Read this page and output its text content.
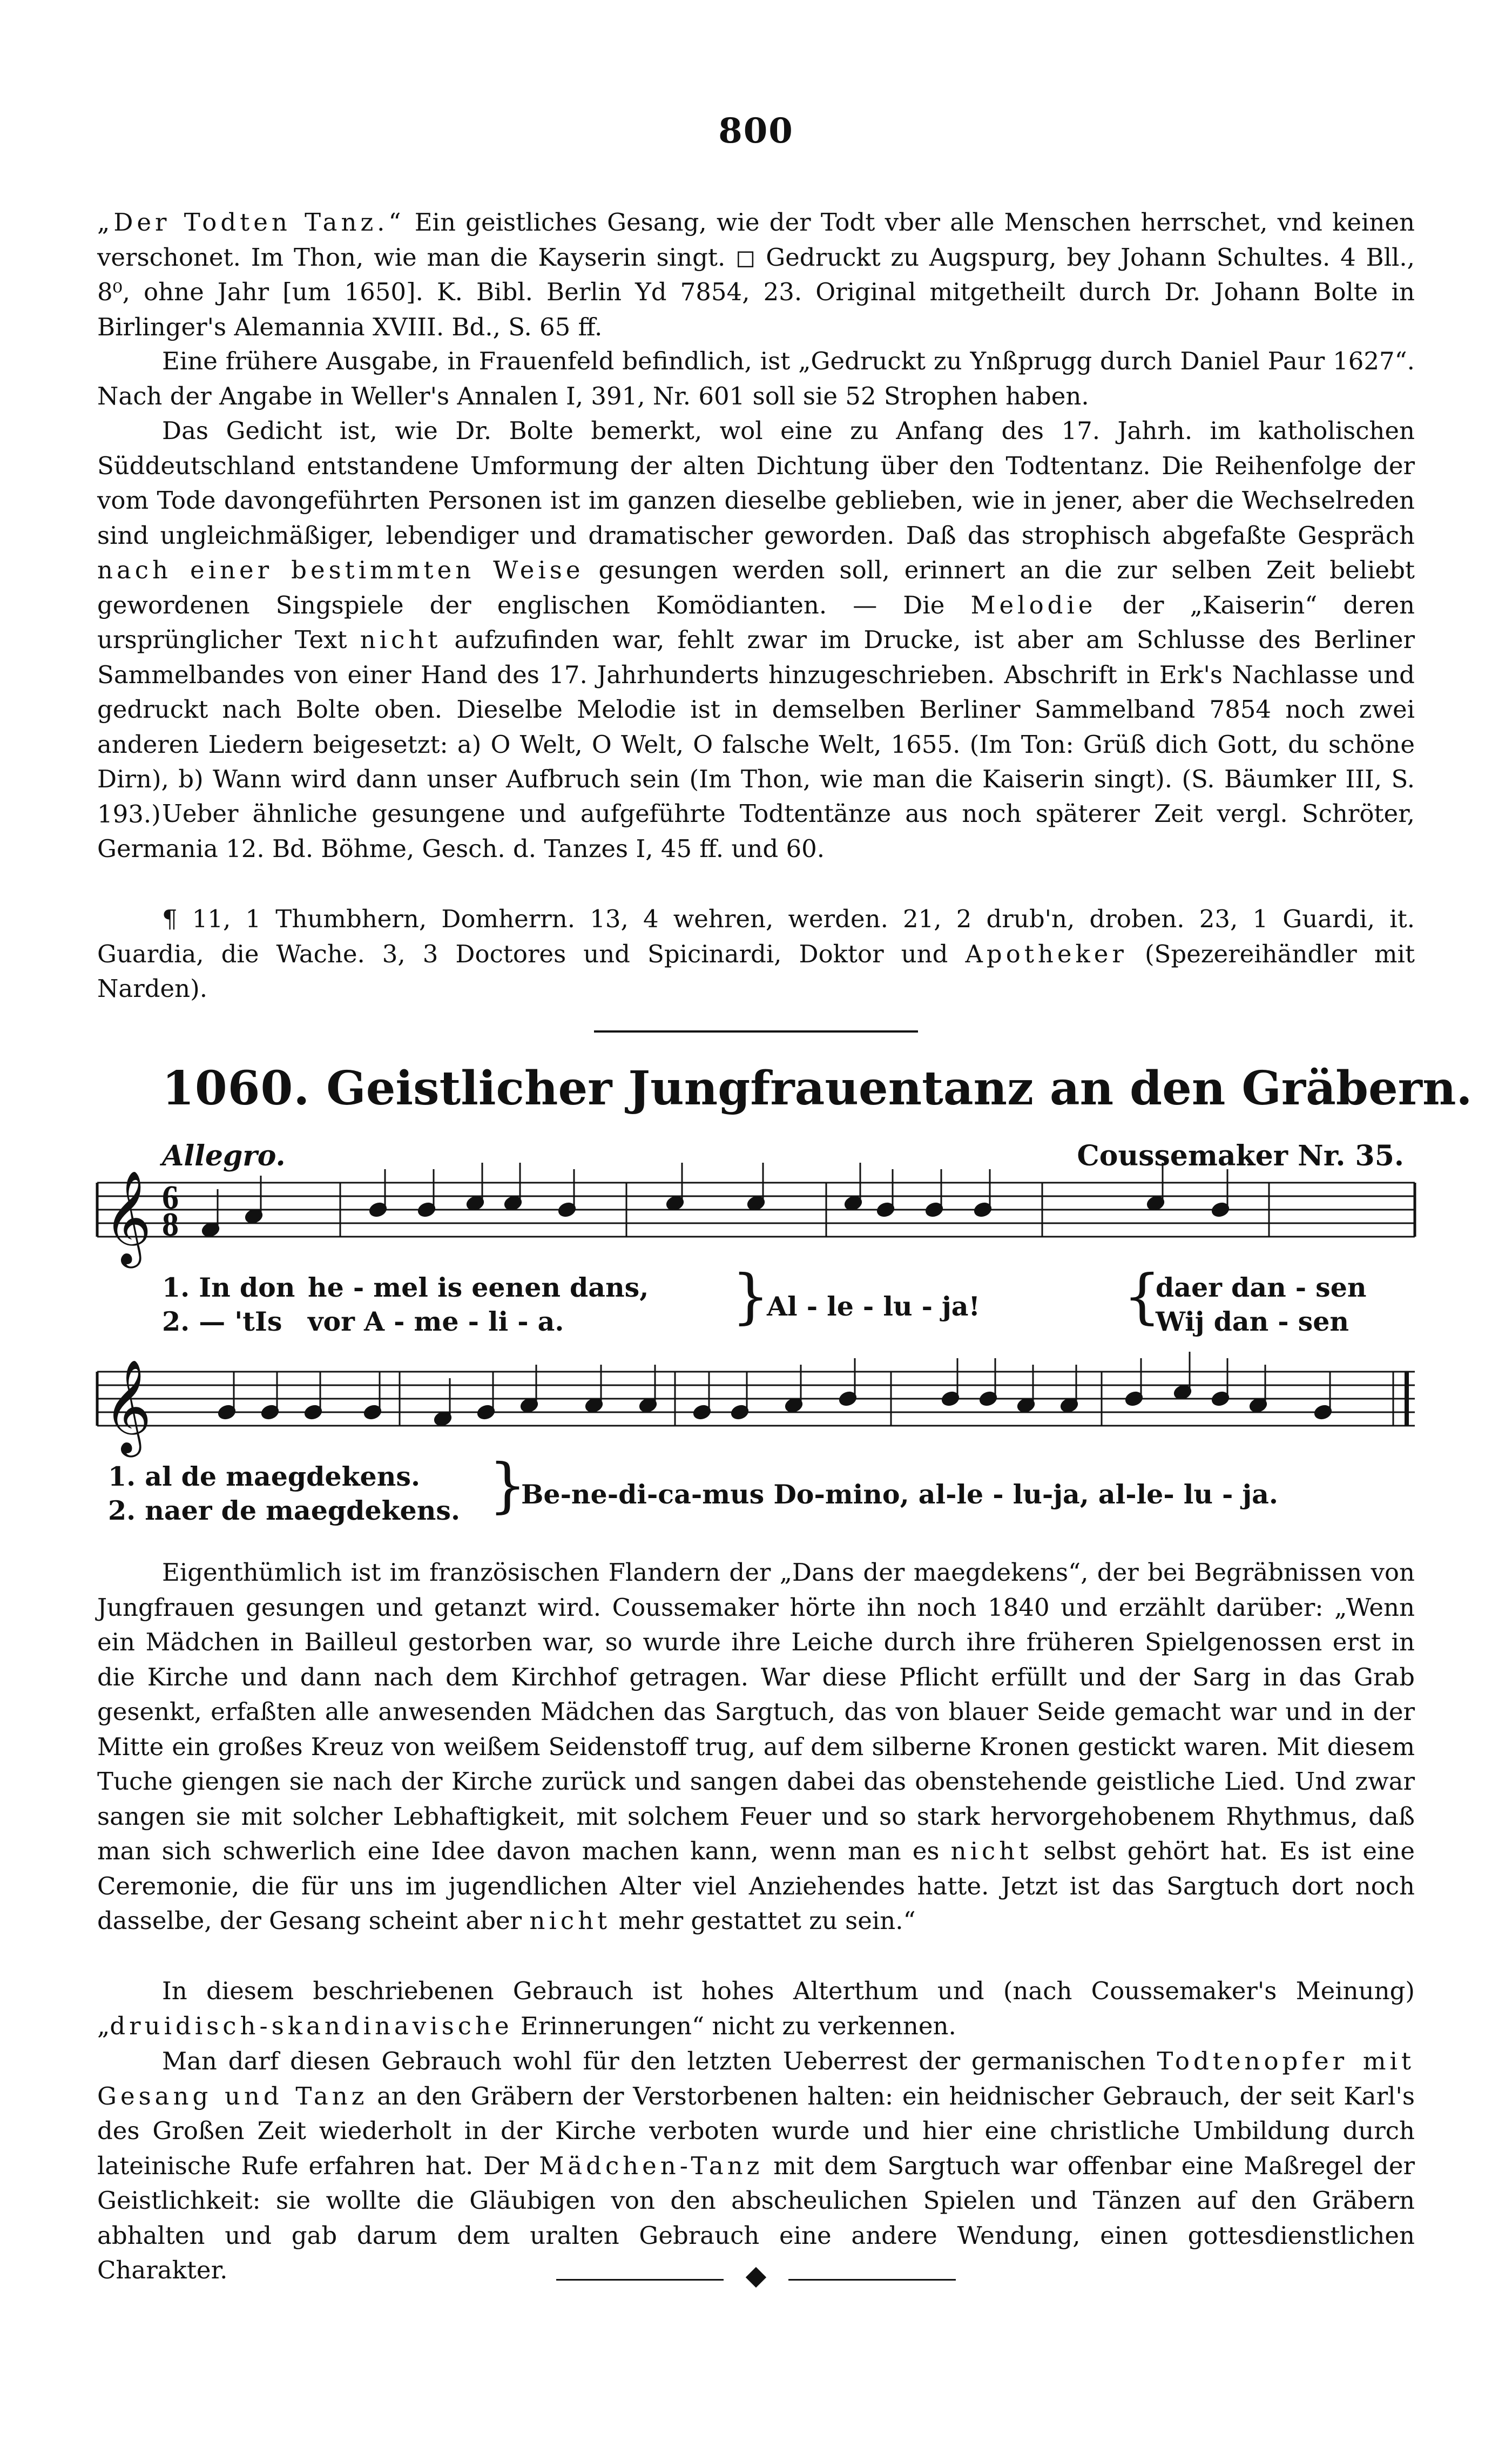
800

„Der Todten Tanz.“ Ein geistliches Gesang, wie der Todt vber alle Menschen herrschet, vnd keinen verschonet. Im Thon, wie man die Kayserin singt. ◻ Gedruckt zu Augspurg, bey Johann Schultes. 4 Bll., 8⁰, ohne Jahr [um 1650]. K. Bibl. Berlin Yd 7854, 23. Original mitgetheilt durch Dr. Johann Bolte in Birlinger's Alemannia XVIII. Bd., S. 65 ff.

Eine frühere Ausgabe, in Frauenfeld befindlich, ist „Gedruckt zu Ynßprugg durch Daniel Paur 1627“. Nach der Angabe in Weller's Annalen I, 391, Nr. 601 soll sie 52 Strophen haben.

Das Gedicht ist, wie Dr. Bolte bemerkt, wol eine zu Anfang des 17. Jahrh. im katholischen Süddeutschland entstandene Umformung der alten Dichtung über den Todtentanz. Die Reihenfolge der vom Tode davongeführten Personen ist im ganzen dieselbe geblieben, wie in jener, aber die Wechselreden sind ungleichmäßiger, lebendiger und dramatischer geworden. Daß das strophisch abgefaßte Gespräch nach einer bestimmten Weise gesungen werden soll, erinnert an die zur selben Zeit beliebt gewordenen Singspiele der englischen Komödianten. — Die Melodie der „Kaiserin“ deren ursprünglicher Text nicht aufzufinden war, fehlt zwar im Drucke, ist aber am Schlusse des Berliner Sammelbandes von einer Hand des 17. Jahrhunderts hinzugeschrieben. Abschrift in Erk's Nachlasse und gedruckt nach Bolte oben. Dieselbe Melodie ist in demselben Berliner Sammelband 7854 noch zwei anderen Liedern beigesetzt: a) O Welt, O Welt, O falsche Welt, 1655. (Im Ton: Grüß dich Gott, du schöne Dirn), b) Wann wird dann unser Aufbruch sein (Im Thon, wie man die Kaiserin singt). (S. Bäumker III, S. 193.) Ueber ähnliche gesungene und aufgeführte Todtentänze aus noch späterer Zeit vergl. Schröter, Germania 12. Bd. Böhme, Gesch. d. Tanzes I, 45 ff. und 60.

¶ 11, 1 Thumbhern, Domherrn. 13, 4 wehren, werden. 21, 2 drub'n, droben. 23, 1 Guardi, it. Guardia, die Wache. 3, 3 Doctores und Spicinardi, Doktor und Apotheker (Spezereihändler mit Narden).

1060. Geistlicher Jungfrauentanz an den Gräbern.
Allegro.	Coussemaker Nr. 35.
𝄞
𝄞
6
8
1. In don
2. — 'tIs
he - mel is eenen dans,
vor A - me - li - a.	}
Al - le - lu - ja! {
daer dan - sen
Wij dan - sen
1. al de maegdekens.
2. naer de maegdekens. }
Be-ne-di-ca-mus Do-mino, al-le - lu-ja, al-le- lu - ja.

Eigenthümlich ist im französischen Flandern der „Dans der maegdekens“, der bei Begräbnissen von Jungfrauen gesungen und getanzt wird. Coussemaker hörte ihn noch 1840 und erzählt darüber: „Wenn ein Mädchen in Bailleul gestorben war, so wurde ihre Leiche durch ihre früheren Spielgenossen erst in die Kirche und dann nach dem Kirchhof getragen. War diese Pflicht erfüllt und der Sarg in das Grab gesenkt, erfaßten alle anwesenden Mädchen das Sargtuch, das von blauer Seide gemacht war und in der Mitte ein großes Kreuz von weißem Seidenstoff trug, auf dem silberne Kronen gestickt waren. Mit diesem Tuche giengen sie nach der Kirche zurück und sangen dabei das obenstehende geistliche Lied. Und zwar sangen sie mit solcher Lebhaftigkeit, mit solchem Feuer und so stark hervorgehobenem Rhythmus, daß man sich schwerlich eine Idee davon machen kann, wenn man es nicht selbst gehört hat. Es ist eine Ceremonie, die für uns im jugendlichen Alter viel Anziehendes hatte. Jetzt ist das Sargtuch dort noch dasselbe, der Gesang scheint aber nicht mehr gestattet zu sein.“

In diesem beschriebenen Gebrauch ist hohes Alterthum und (nach Coussemaker's Meinung) „druidisch-skandinavische Erinnerungen“ nicht zu verkennen.

Man darf diesen Gebrauch wohl für den letzten Ueberrest der germanischen Todtenopfer mit Gesang und Tanz an den Gräbern der Verstorbenen halten: ein heidnischer Gebrauch, der seit Karl's des Großen Zeit wiederholt in der Kirche verboten wurde und hier eine christliche Umbildung durch lateinische Rufe erfahren hat. Der Mädchen-Tanz mit dem Sargtuch war offenbar eine Maßregel der Geistlichkeit: sie wollte die Gläubigen von den abscheulichen Spielen und Tänzen auf den Gräbern abhalten und gab darum dem uralten Gebrauch eine andere Wendung, einen gottesdienstlichen Charakter.	⬥
